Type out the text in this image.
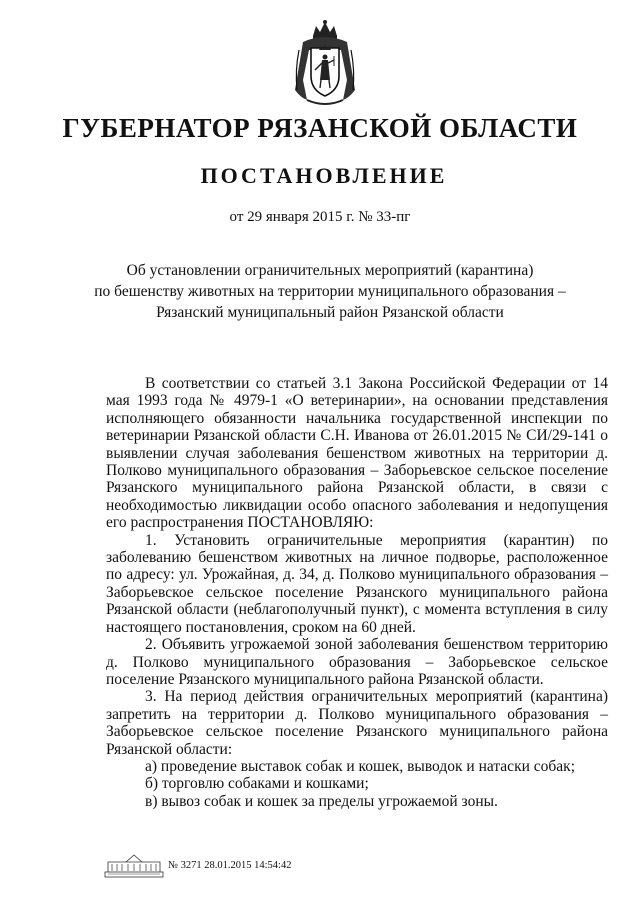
ГУБЕРНАТОР РЯЗАНСКОЙ ОБЛАСТИ
ПОСТАНОВЛЕНИЕ
от 29 января 2015 г. № 33-пг
Об установлении ограничительных мероприятий (карантина)
по бешенству животных на территории муниципального образования –
Рязанский муниципальный район Рязанской области

В соответствии со статьей 3.1 Закона Российской Федерации от 14 мая 1993 года № 4979-1 «О ветеринарии», на основании представления исполняющего обязанности начальника государственной инспекции по ветеринарии Рязанской области С.Н. Иванова от 26.01.2015 № СИ/29-141 о выявлении случая заболевания бешенством животных на территории д. Полково муниципального образования – Заборьевское сельское поселение Рязанского муниципального района Рязанской области, в связи с необходимостью ликвидации особо опасного заболевания и недопущения его распространения ПОСТАНОВЛЯЮ:

1. Установить ограничительные мероприятия (карантин) по заболеванию бешенством животных на личное подворье, расположенное по адресу: ул. Урожайная, д. 34, д. Полково муниципального образования – Заборьевское сельское поселение Рязанского муниципального района Рязанской области (неблагополучный пункт), с момента вступления в силу настоящего постановления, сроком на 60 дней.

2. Объявить угрожаемой зоной заболевания бешенством территорию д. Полково муниципального образования – Заборьевское сельское поселение Рязанского муниципального района Рязанской области.

3. На период действия ограничительных мероприятий (карантина) запретить на территории д. Полково муниципального образования – Заборьевское сельское поселение Рязанского муниципального района Рязанской области:

а) проведение выставок собак и кошек, выводок и натаски собак;

б) торговлю собаками и кошками;

в) вывоз собак и кошек за пределы угрожаемой зоны.

№ 3271 28.01.2015 14:54:42
